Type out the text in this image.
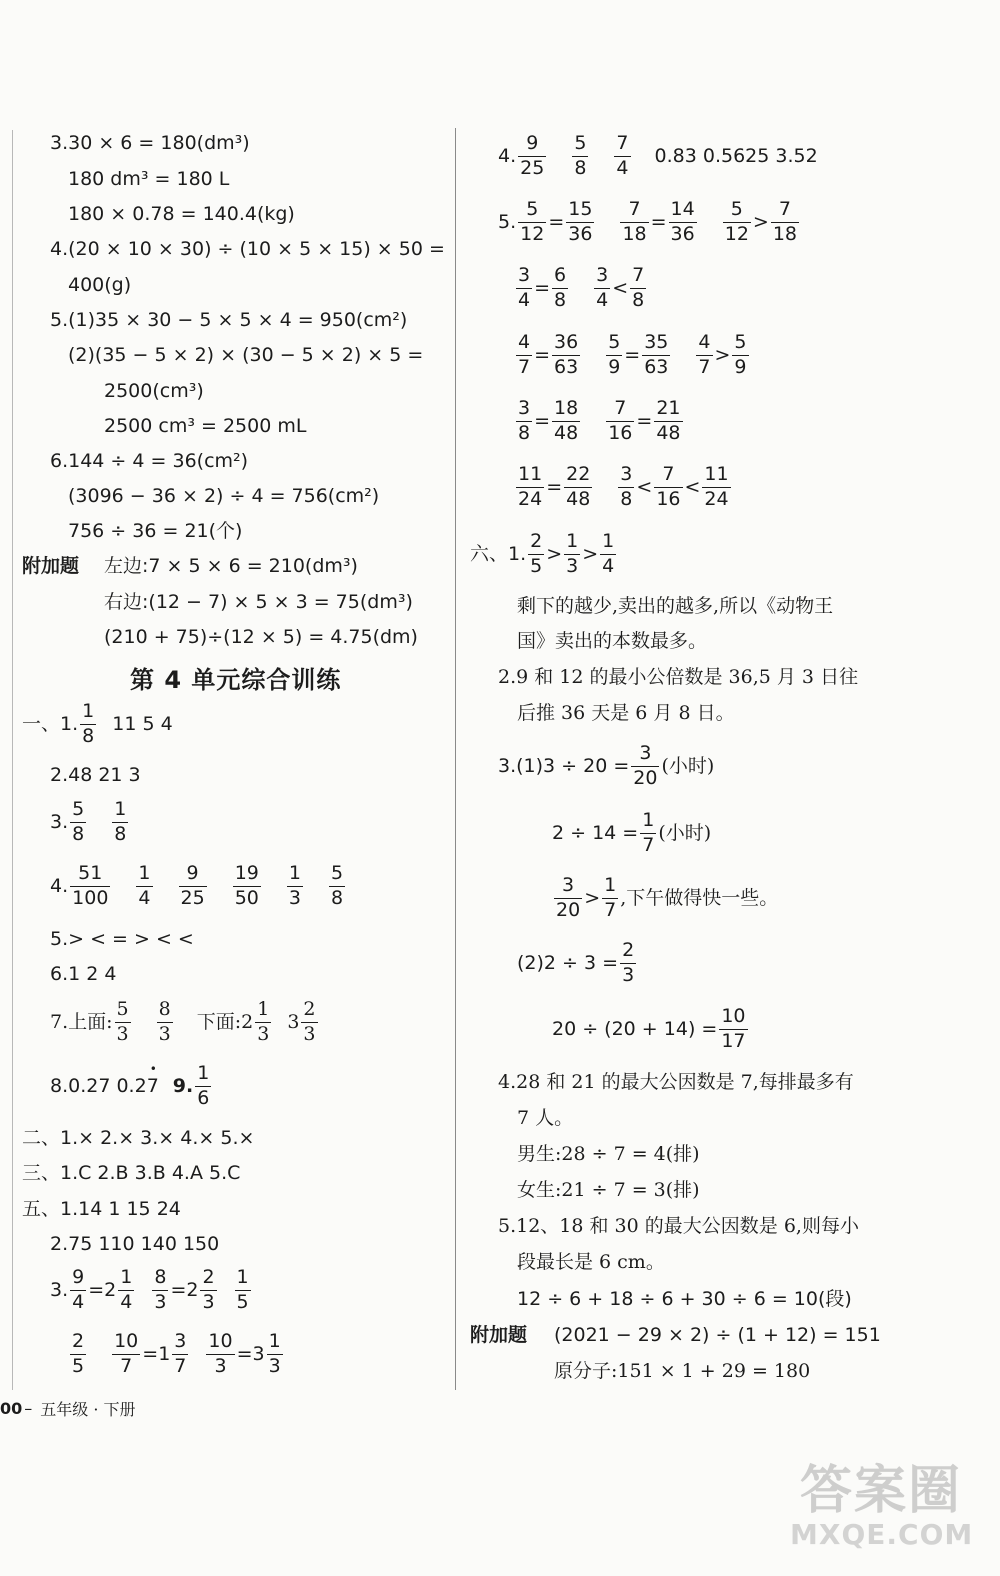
3.30 × 6 = 180(dm³)
180 dm³ = 180 L
180 × 0.78 = 140.4(kg)
4.(20 × 10 × 30) ÷ (10 × 5 × 15) × 50 =
400(g)
5.(1)35 × 30 − 5 × 5 × 4 = 950(cm²)
(2)(35 − 5 × 2) × (30 − 5 × 2) × 5 =
2500(cm³)
2500 cm³ = 2500 mL
6.144 ÷ 4 = 36(cm²)
(3096 − 36 × 2) ÷ 4 = 756(cm²)
756 ÷ 36 = 21(个)
附加题 左边:7 × 5 × 6 = 210(dm³)
右边:(12 − 7) × 5 × 3 = 75(dm³)
(210 + 75)÷(12 × 5) = 4.75(dm)
第 4 单元综合训练
一、1.
1
8
11 5 4
2.48 21 3
3.
5
8
1
8
4.
51
100
1
4
9
25
19
50
1
3
5
8
5.> < = > < <
6.1 2 4
7.上面:
5
3
8
3
下面:2
1
3
3
2
3
8.0.27 0.2 7 • 9.
1
6
二、1.× 2.× 3.× 4.× 5.×
三、1.C 2.B 3.B 4.A 5.C
五、1.14 1 15 24
2.75 110 140 150
3.
9
4
=2
1
4
8
3
=2
2
3
1
5
2
5
10
7
=1
3
7
10
3
=3
1
3
4.
9
25
5
8
7
4
0.83 0.5625 3.52
5.
5
12
=
15
36
7
18
=
14
36
5
12
>
7
18
3
4
=
6
8
3
4
<
7
8
4
7
=
36
63
5
9
=
35
63
4
7
>
5
9
3
8
=
18
48
7
16
=
21
48
11
24
=
22
48
3
8
<
7
16
<
11
24
六、1.
2
5
>
1
3
>
1
4
剩下的越少,卖出的越多,所以《动物王
国》卖出的本数最多。
2.9 和 12 的最小公倍数是 36,5 月 3 日往
后推 36 天是 6 月 8 日。
3.(1)3 ÷ 20 =
3
20
(小时)
2 ÷ 14 =
1
7
(小时)
3
20
>
1
7
,下午做得快一些。
(2)2 ÷ 3 =
2
3
20 ÷ (20 + 14) =
10
17
4.28 和 21 的最大公因数是 7,每排最多有
7 人。
男生:28 ÷ 7 = 4(排)
女生:21 ÷ 7 = 3(排)
5.12、18 和 30 的最大公因数是 6,则每小
段最长是 6 cm。
12 ÷ 6 + 18 ÷ 6 + 30 ÷ 6 = 10(段)
附加题 (2021 − 29 × 2) ÷ (1 + 12) = 151
原分子:151 × 1 + 29 = 180
00 – 五年级 · 下册
答案圈
MXQE.COM
